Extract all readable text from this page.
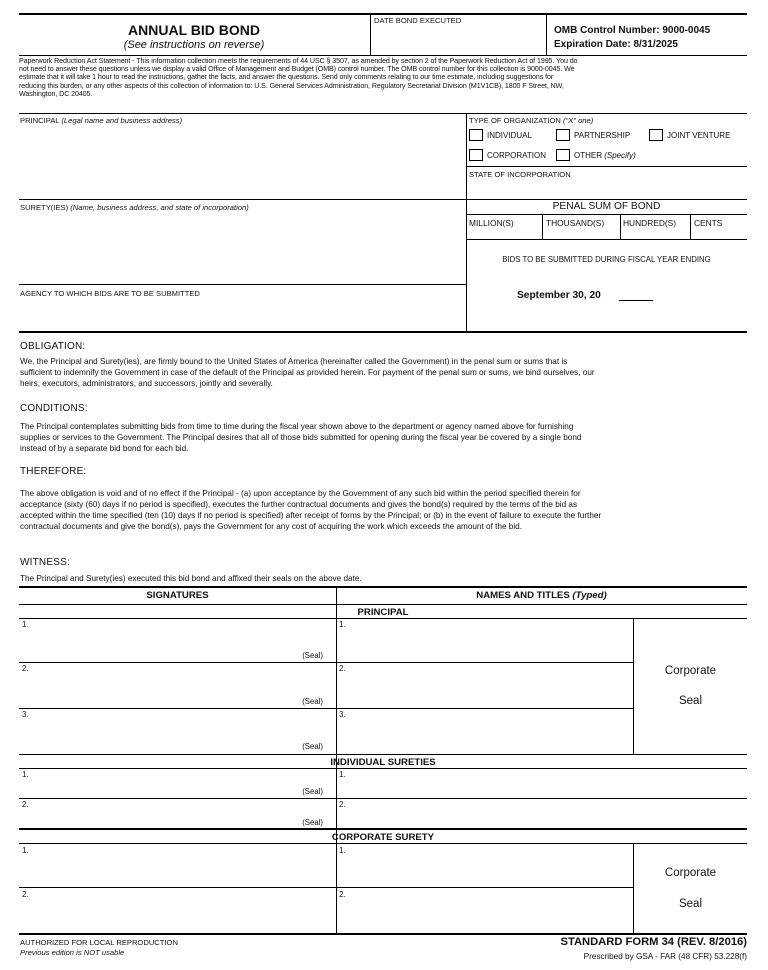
ANNUAL BID BOND
(See instructions on reverse)
DATE BOND EXECUTED
OMB Control Number: 9000-0045
Expiration Date: 8/31/2025
Paperwork Reduction Act Statement - This information collection meets the requirements of 44 USC § 3507, as amended by section 2 of the Paperwork Reduction Act of 1995. You do
not need to answer these questions unless we display a valid Office of Management and Budget (OMB) control number. The OMB control number for this collection is 9000-0045. We
estimate that it will take 1 hour to read the instructions, gather the facts, and answer the questions. Send only comments relating to our time estimate, including suggestions for
reducing this burden, or any other aspects of this collection of information to: U.S. General Services Administration, Regulatory Secretariat Division (M1V1CB), 1800 F Street, NW,
Washington, DC 20405.
PRINCIPAL (Legal name and business address)	TYPE OF ORGANIZATION ("X" one)
INDIVIDUAL	PARTNERSHIP	JOINT VENTURE
CORPORATION	OTHER (Specify)
STATE OF INCORPORATION
SURETY(IES) (Name, business address, and state of incorporation)	PENAL SUM OF BOND
MILLION(S)	THOUSAND(S) HUNDRED(S) CENTS
BIDS TO BE SUBMITTED DURING FISCAL YEAR ENDING
AGENCY TO WHICH BIDS ARE TO BE SUBMITTED	September 30, 20
OBLIGATION:
We, the Principal and Surety(ies), are firmly bound to the United States of America (hereinafter called the Government) in the penal sum or sums that is
sufficient to indemnify the Government in case of the default of the Principal as provided herein. For payment of the penal sum or sums, we bind ourselves, our
heirs, executors, administrators, and successors, jointly and severally.
CONDITIONS:
The Principal contemplates submitting bids from time to time during the fiscal year shown above to the department or agency named above for furnishing
supplies or services to the Government. The Principal desires that all of those bids submitted for opening during the fiscal year be covered by a single bond
instead of by a separate bid bond for each bid.
THEREFORE:
The above obligation is void and of no effect if the Principal - (a) upon acceptance by the Government of any such bid within the period specified therein for
acceptance (sixty (60) days if no period is specified), executes the further contractual documents and gives the bond(s) required by the terms of the bid as
accepted within the time specified (ten (10) days if no period is specified) after receipt of forms by the Principal; or (b) in the event of failure to execute the further
contractual documents and give the bond(s), pays the Government for any cost of acquiring the work which exceeds the amount of the bid.
WITNESS:
The Principal and Surety(ies) executed this bid bond and affixed their seals on the above date.
SIGNATURES	NAMES AND TITLES (Typed)
PRINCIPAL
1.	1.
(Seal)
2.	2.
(Seal)
3.	3.
(Seal)
Corporate
Seal
INDIVIDUAL SURETIES
1.	1.
(Seal)
2.	2.
(Seal)
CORPORATE SURETY
1.	1.
2.	2.
Corporate
Seal
AUTHORIZED FOR LOCAL REPRODUCTION
Previous edition is NOT usable
STANDARD FORM 34 (REV. 8/2016)
Prescribed by GSA - FAR (48 CFR) 53.228(f)
